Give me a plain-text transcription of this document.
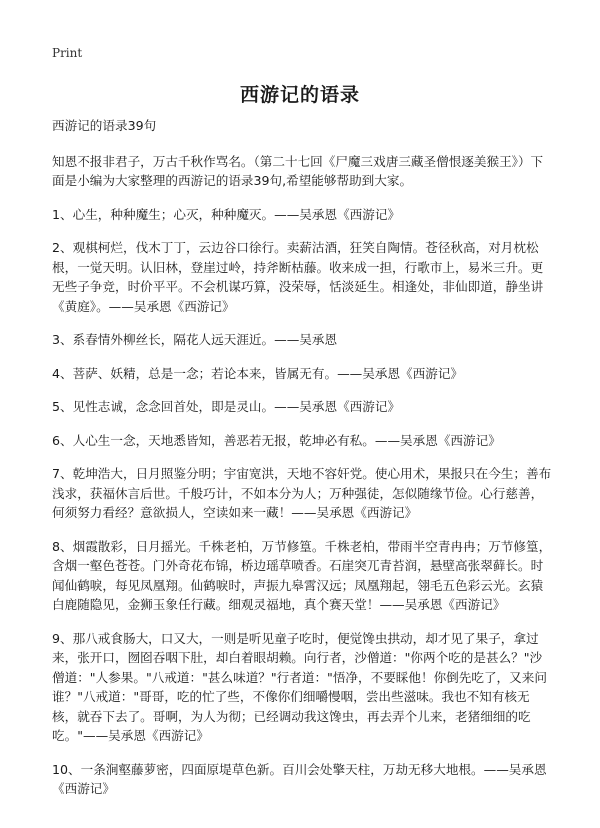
Print
西游记的语录

西游记的语录39句

知恩不报非君子，万古千秋作骂名。（第二十七回《尸魔三戏唐三藏圣僧恨逐美猴王》）下面是小编为大家整理的西游记的语录39句,希望能够帮助到大家。

1、心生，种种魔生；心灭，种种魔灭。——吴承恩《西游记》

2、观棋柯烂，伐木丁丁，云边谷口徐行。卖薪沽酒，狂笑自陶情。苍径秋高，对月枕松根，一觉天明。认旧林，登崖过岭，持斧断枯藤。收来成一担，行歌市上，易米三升。更无些子争竞，时价平平。不会机谋巧算，没荣辱，恬淡延生。相逢处，非仙即道，静坐讲《黄庭》。——吴承恩《西游记》

3、系春情外柳丝长，隔花人远天涯近。——吴承恩

4、菩萨、妖精，总是一念；若论本来，皆属无有。——吴承恩《西游记》

5、见性志诚，念念回首处，即是灵山。——吴承恩《西游记》

6、人心生一念，天地悉皆知，善恶若无报，乾坤必有私。——吴承恩《西游记》

7、乾坤浩大，日月照鉴分明；宇宙宽洪，天地不容奸党。使心用术，果报只在今生；善布浅求，获福休言后世。千般巧计，不如本分为人；万种强徒，怎似随缘节俭。心行慈善，何须努力看经？意欲损人，空读如来一藏！——吴承恩《西游记》

8、烟霞散彩，日月摇光。千株老柏，万节修篁。千株老柏，带雨半空青冉冉；万节修篁，含烟一壑色苍苍。门外奇花布锦，桥边瑶草喷香。石崖突兀青苔润，悬壁高张翠藓长。时闻仙鹤唳，每见凤凰翔。仙鹤唳时，声振九皋霄汉远；凤凰翔起，翎毛五色彩云光。玄猿白鹿随隐见，金狮玉象任行藏。细观灵福地，真个赛天堂！——吴承恩《西游记》

9、那八戒食肠大，口又大，一则是听见童子吃时，便觉馋虫拱动，却才见了果子，拿过来，张开口，囫囵吞咽下肚，却白着眼胡赖。向行者，沙僧道："你两个吃的是甚么？"沙僧道："人参果。"八戒道："甚么味道？"行者道："悟净，不要睬他！你倒先吃了，又来问谁？"八戒道："哥哥，吃的忙了些，不像你们细嚼慢咽，尝出些滋味。我也不知有核无核，就吞下去了。哥啊，为人为彻；已经调动我这馋虫，再去弄个儿来，老猪细细的吃吃。"——吴承恩《西游记》

10、一条涧壑藤萝密，四面原堤草色新。百川会处擎天柱，万劫无移大地根。——吴承恩《西游记》
